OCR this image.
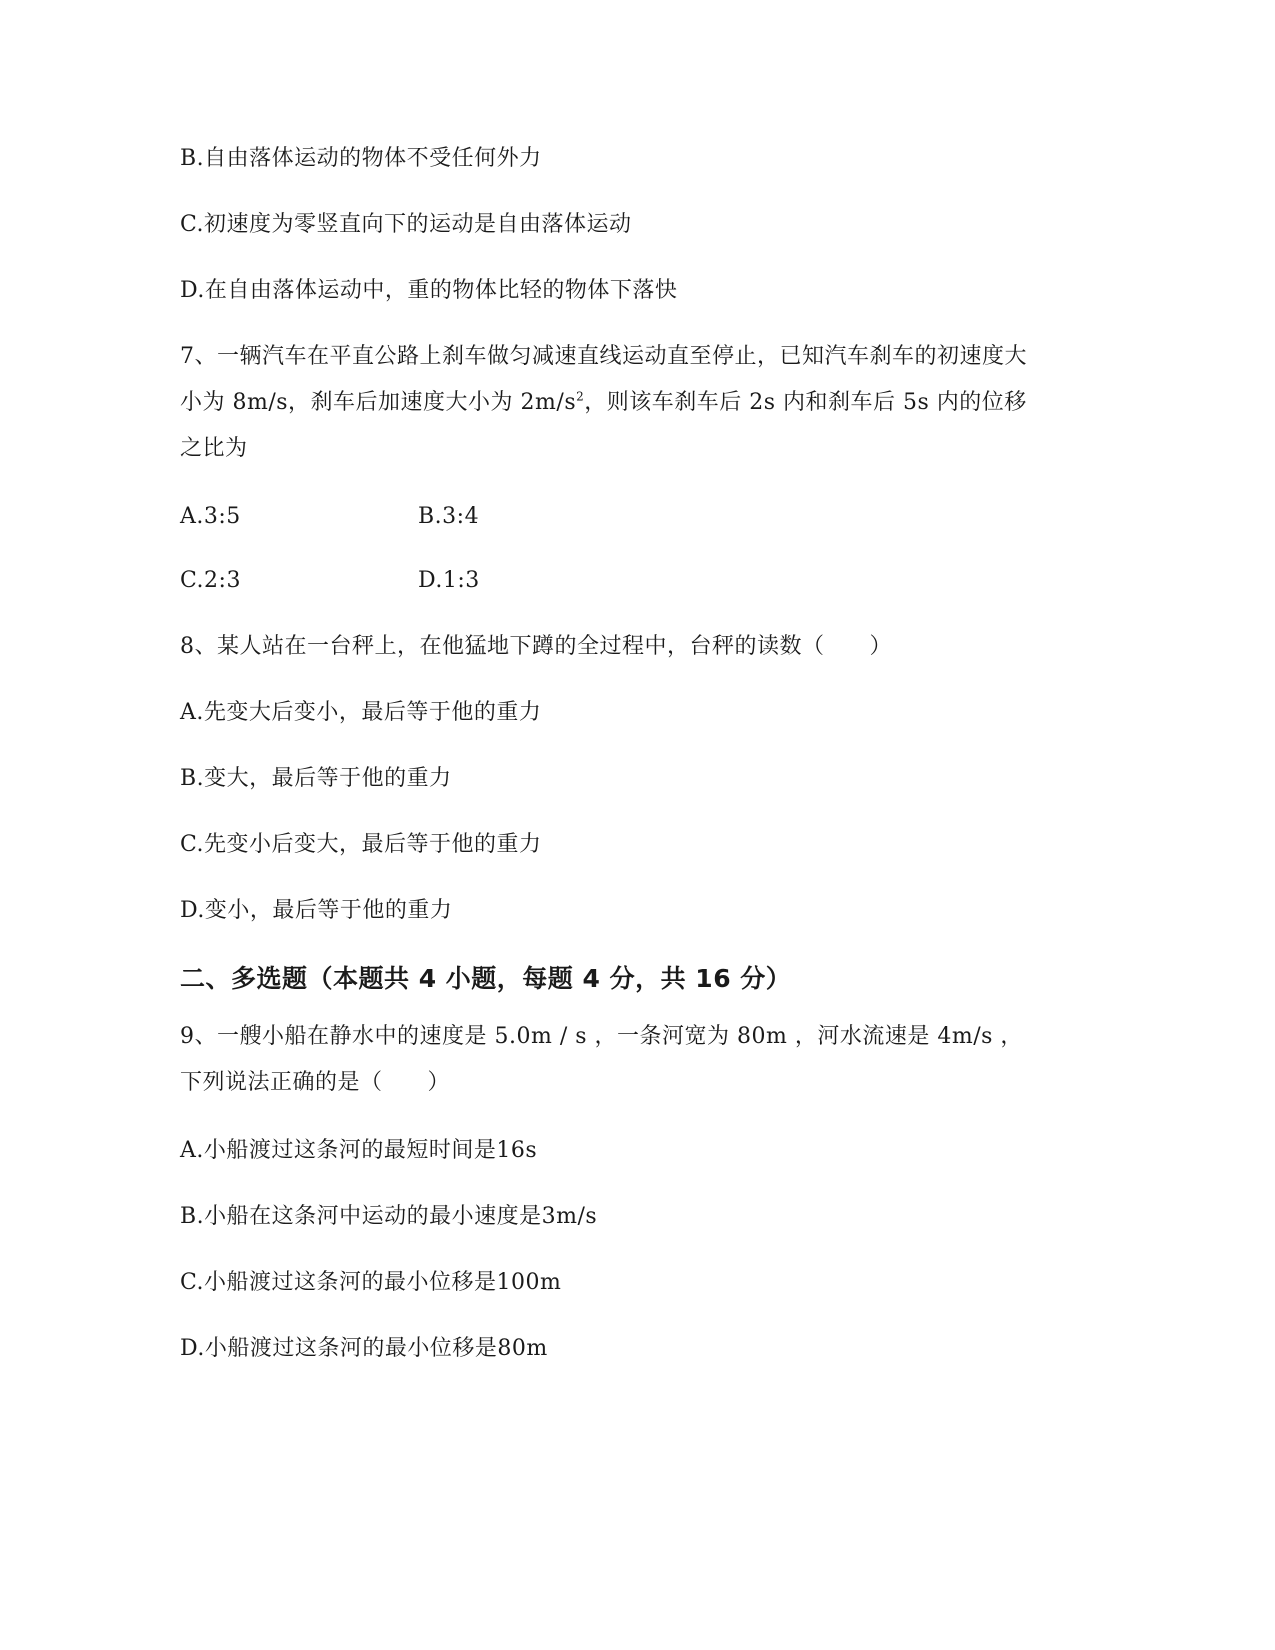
B.自由落体运动的物体不受任何外力
C.初速度为零竖直向下的运动是自由落体运动
D.在自由落体运动中，重的物体比轻的物体下落快
7、一辆汽车在平直公路上刹车做匀减速直线运动直至停止，已知汽车刹车的初速度大小为 8m/s，刹车后加速度大小为 $2m/s^2$，则该车刹车后 2s 内和刹车后 5s 内的位移之比为
A.3:5	B.3:4
C.2:3	D.1:3
8、某人站在一台秤上，在他猛地下蹲的全过程中，台秤的读数（　　）
A.先变大后变小，最后等于他的重力
B.变大，最后等于他的重力
C.先变小后变大，最后等于他的重力
D.变小，最后等于他的重力
二、多选题（本题共 4 小题，每题 4 分，共 16 分）
9、一艘小船在静水中的速度是 5.0m / s ，一条河宽为 80m ，河水流速是 4m/s ，下列说法正确的是（　　）
A.小船渡过这条河的最短时间是16s
B.小船在这条河中运动的最小速度是3m/s
C.小船渡过这条河的最小位移是100m
D.小船渡过这条河的最小位移是80m
